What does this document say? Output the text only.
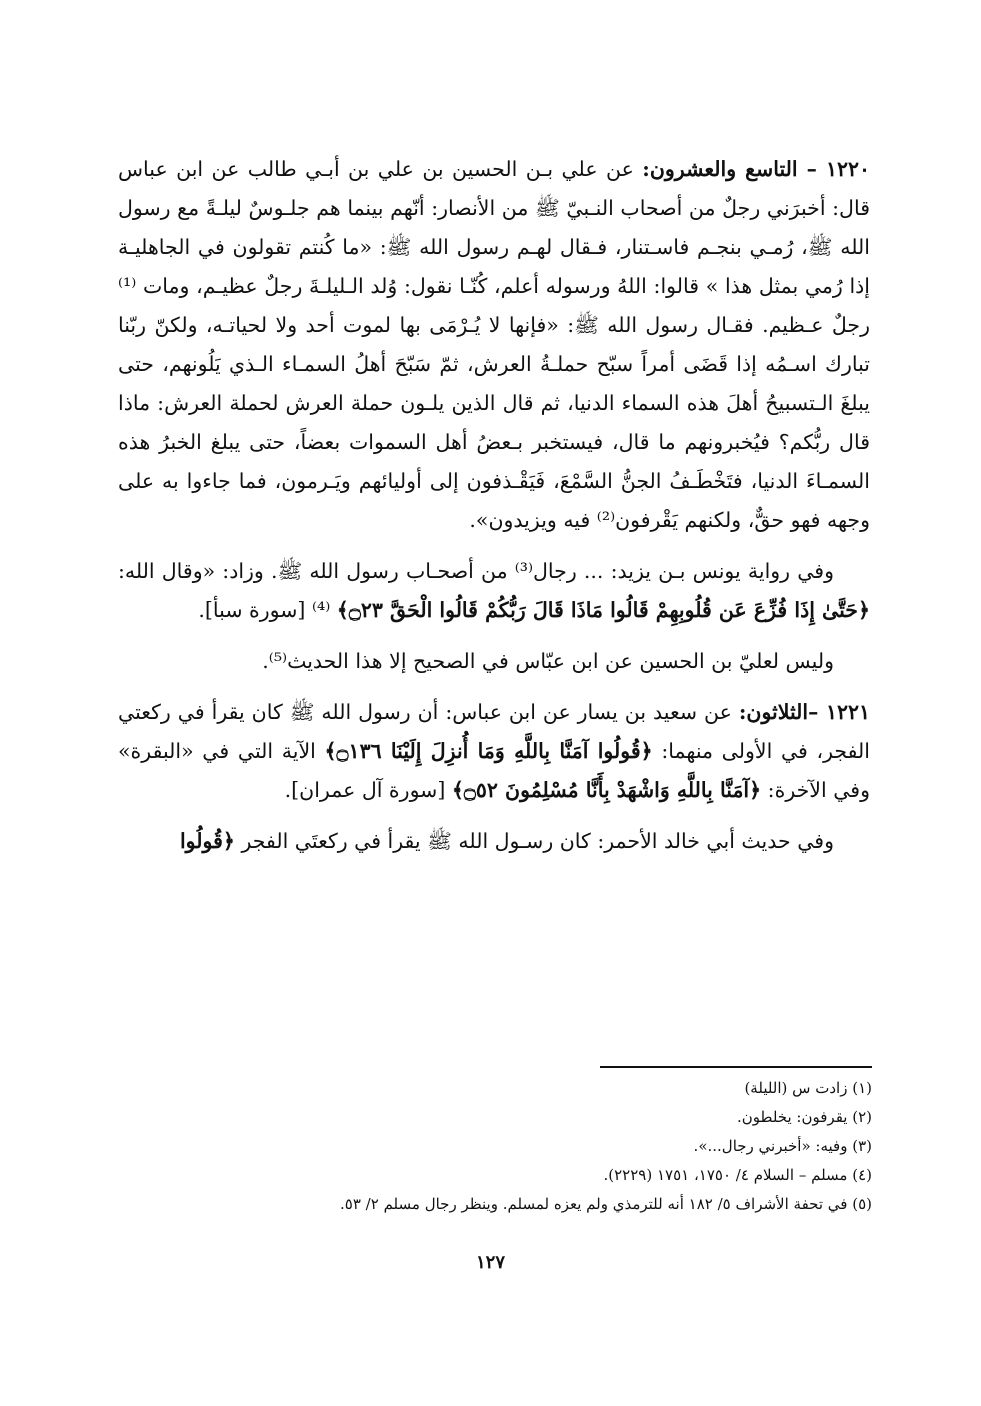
١٢٢٠ – التاسع والعشرون: عن علي بـن الحسين بن علي بن أبـي طالب عن ابن عباس قال: أخبرَني رجلٌ من أصحاب النـبيّ ﷺ من الأنصار: أنّهم بينما هم جلـوسٌ ليلـةً مع رسول الله ﷺ، رُمـي بنجـم فاسـتنار، فـقال لهـم رسول الله ﷺ: «ما كُنتم تقولون في الجاهليـة إذا رُمي بمثل هذا » قالوا: اللهُ ورسوله أعلم، كُنّـا نقول: وُلد الـليلـةَ رجلٌ عظيـم، ومات ⁽¹⁾ رجلٌ عـظيم. فقـال رسول الله ﷺ: «فإنها لا يُـرْمَى بها لموت أحد ولا لحياتـه، ولكنّ ربّنا تبارك اسـمُه إذا قَضَى أمراً سبّح حملـةُ العرش، ثمّ سَبّحَ أهلُ السمـاء الـذي يَلُونهم، حتى يبلغَ الـتسبيحُ أهلَ هذه السماء الدنيا، ثم قال الذين يلـون حملة العرش لحملة العرش: ماذا قال ربُّكم؟ فيُخبرونهم ما قال، فيستخبر بـعضُ أهل السموات بعضاً، حتى يبلغ الخبرُ هذه السمـاءَ الدنيا، فتَخْطَـفُ الجنُّ السَّمْعَ، فَيَقْـذفون إلى أوليائهم ويَـرمون، فما جاءوا به على وجهه فهو حقٌّ، ولكنهم يَقْرفون⁽²⁾ فيه ويزيدون».

وفي رواية يونس بـن يزيد: ... رجال⁽³⁾ من أصحـاب رسول الله ﷺ. وزاد: «وقال الله: ﴿حَتَّىٰ إِذَا فُزِّعَ عَن قُلُوبِهِمْ قَالُوا مَاذَا قَالَ رَبُّكُمْ قَالُوا الْحَقَّ ۝٢٣﴾ ⁽⁴⁾ [سورة سبأ].

وليس لعليّ بن الحسين عن ابن عبّاس في الصحيح إلا هذا الحديث⁽⁵⁾.

١٢٢١ –الثلاثون: عن سعيد بن يسار عن ابن عباس: أن رسول الله ﷺ كان يقرأ في ركعتي الفجر، في الأولى منهما: ﴿قُولُوا آمَنَّا بِاللَّهِ وَمَا أُنزِلَ إِلَيْنَا ۝١٣٦﴾ الآية التي في «البقرة» وفي الآخرة: ﴿آمَنَّا بِاللَّهِ وَاشْهَدْ بِأَنَّا مُسْلِمُونَ ۝٥٢﴾ [سورة آل عمران].

وفي حديث أبي خالد الأحمر: كان رسـول الله ﷺ يقرأ في ركعتَي الفجر ﴿قُولُوا

(١) زادت س (الليلة)

(٢) يقرفون: يخلطون.

(٣) وفيه: «أخبرني رجال...».

(٤) مسلم – السلام ٤/ ١٧٥٠، ١٧٥١ (٢٢٢٩).

(٥) في تحفة الأشراف ٥/ ١٨٢ أنه للترمذي ولم يعزه لمسلم. وينظر رجال مسلم ٢/ ٥٣.

١٢٧
